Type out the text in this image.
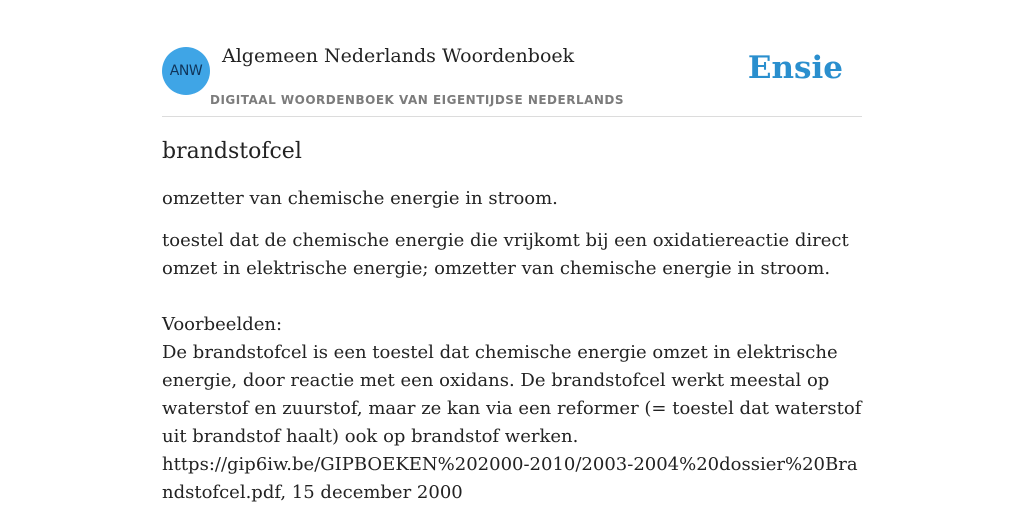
ANW
Algemeen Nederlands Woordenboek
DIGITAAL WOORDENBOEK VAN EIGENTIJDSE NEDERLANDS
Ensie
brandstofcel

omzetter van chemische energie in stroom.

toestel dat de chemische energie die vrijkomt bij een oxidatiereactie direct omzet in elektrische energie; omzetter van chemische energie in stroom.

Voorbeelden:
De brandstofcel is een toestel dat chemische energie omzet in elektrische energie, door reactie met een oxidans. De brandstofcel werkt meestal op waterstof en zuurstof, maar ze kan via een reformer (= toestel dat waterstof uit brandstof haalt) ook op brandstof werken.
https://gip6iw.be/GIPBOEKEN%202000-2010/2003-2004%20dossier%20Brandstofcel.pdf, 15 december 2000
